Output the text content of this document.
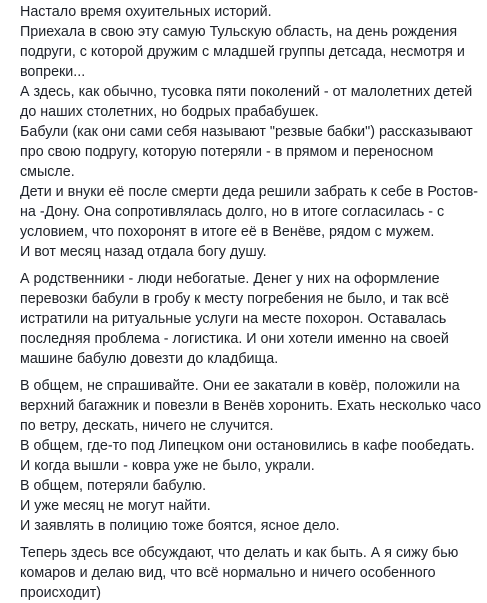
Настало время охуительных историй.
Приехала в свою эту самую Тульскую область, на день рождения
подруги, с которой дружим с младшей группы детсада, несмотря и
вопреки...
А здесь, как обычно, тусовка пяти поколений - от малолетних детей
до наших столетних, но бодрых прабабушек.
Бабули (как они сами себя называют "резвые бабки") рассказывают
про свою подругу, которую потеряли - в прямом и переносном
смысле.
Дети и внуки её после смерти деда решили забрать к себе в Ростов-
на -Дону. Она сопротивлялась долго, но в итоге согласилась - с
условием, что похоронят в итоге её в Венёве, рядом с мужем.
И вот месяц назад отдала богу душу.
А родственники - люди небогатые. Денег у них на оформление
перевозки бабули в гробу к месту погребения не было, и так всё
истратили на ритуальные услуги на месте похорон. Оставалась
последняя проблема - логистика. И они хотели именно на своей
машине бабулю довезти до кладбища.
В общем, не спрашивайте. Они ее закатали в ковёр, положили на
верхний багажник и повезли в Венёв хоронить. Ехать несколько часо
по ветру, дескать, ничего не случится.
В общем, где-то под Липецком они остановились в кафе пообедать.
И когда вышли - ковра уже не было, украли.
В общем, потеряли бабулю.
И уже месяц не могут найти.
И заявлять в полицию тоже боятся, ясное дело.
Теперь здесь все обсуждают, что делать и как быть. А я сижу бью
комаров и делаю вид, что всё нормально и ничего особенного
происходит)
